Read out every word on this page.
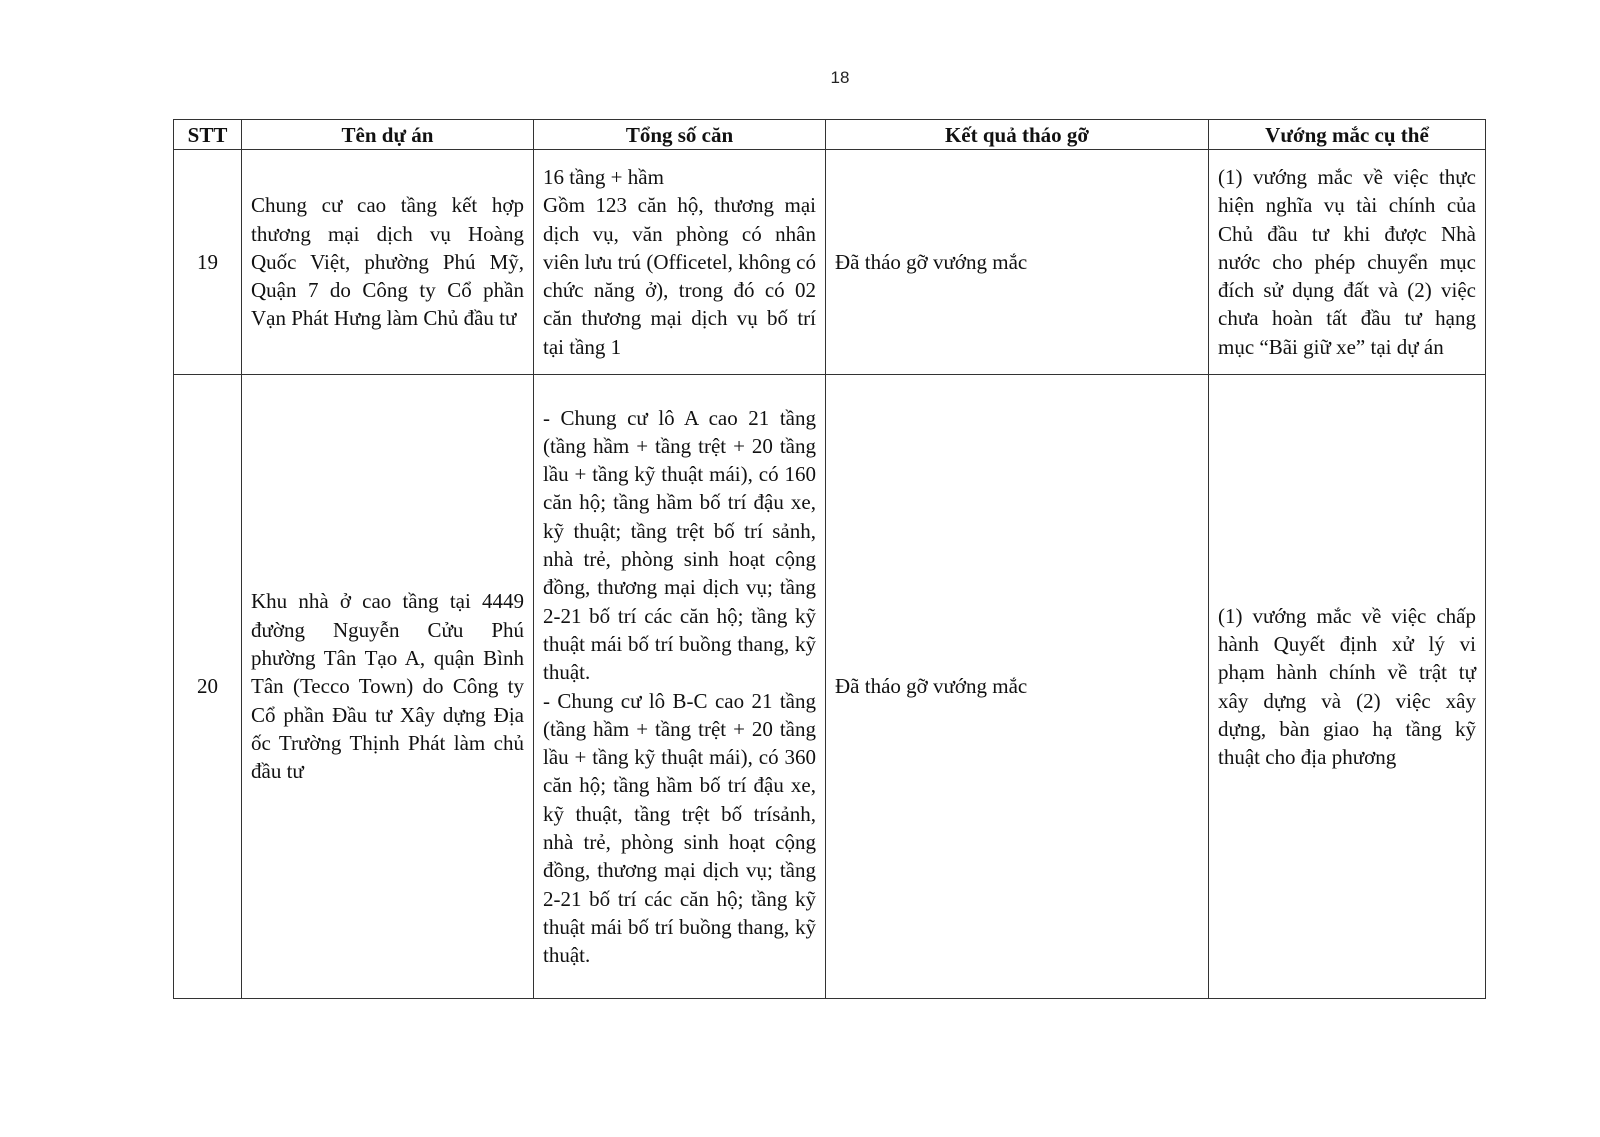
18
STT	Tên dự án	Tổng số căn	Kết quả tháo gỡ	Vướng mắc cụ thể
19	Chung cư cao tầng kết hợp thương mại dịch vụ Hoàng Quốc Việt, phường Phú Mỹ, Quận 7 do Công ty Cổ phần Vạn Phát Hưng làm Chủ đầu tư	16 tầng + hầm
Gồm 123 căn hộ, thương mại dịch vụ, văn phòng có nhân viên lưu trú (Officetel, không có chức năng ở), trong đó có 02 căn thương mại dịch vụ bố trí tại tầng 1	Đã tháo gỡ vướng mắc	(1) vướng mắc về việc thực hiện nghĩa vụ tài chính của Chủ đầu tư khi được Nhà nước cho phép chuyển mục đích sử dụng đất và (2) việc chưa hoàn tất đầu tư hạng mục “Bãi giữ xe” tại dự án
20	Khu nhà ở cao tầng tại 4449 đường Nguyễn Cửu Phú phường Tân Tạo A, quận Bình Tân (Tecco Town) do Công ty Cổ phần Đầu tư Xây dựng Địa ốc Trường Thịnh Phát làm chủ đầu tư	- Chung cư lô A cao 21 tầng (tầng hầm + tầng trệt + 20 tầng lầu + tầng kỹ thuật mái), có 160 căn hộ; tầng hầm bố trí đậu xe, kỹ thuật; tầng trệt bố trí sảnh, nhà trẻ, phòng sinh hoạt cộng đồng, thương mại dịch vụ; tầng 2-21 bố trí các căn hộ; tầng kỹ thuật mái bố trí buồng thang, kỹ thuật.
- Chung cư lô B-C cao 21 tầng (tầng hầm + tầng trệt + 20 tầng lầu + tầng kỹ thuật mái), có 360 căn hộ; tầng hầm bố trí đậu xe, kỹ thuật, tầng trệt bố trísảnh, nhà trẻ, phòng sinh hoạt cộng đồng, thương mại dịch vụ; tầng 2-21 bố trí các căn hộ; tầng kỹ thuật mái bố trí buồng thang, kỹ thuật.	Đã tháo gỡ vướng mắc	(1) vướng mắc về việc chấp hành Quyết định xử lý vi phạm hành chính về trật tự xây dựng và (2) việc xây dựng, bàn giao hạ tầng kỹ thuật cho địa phương
